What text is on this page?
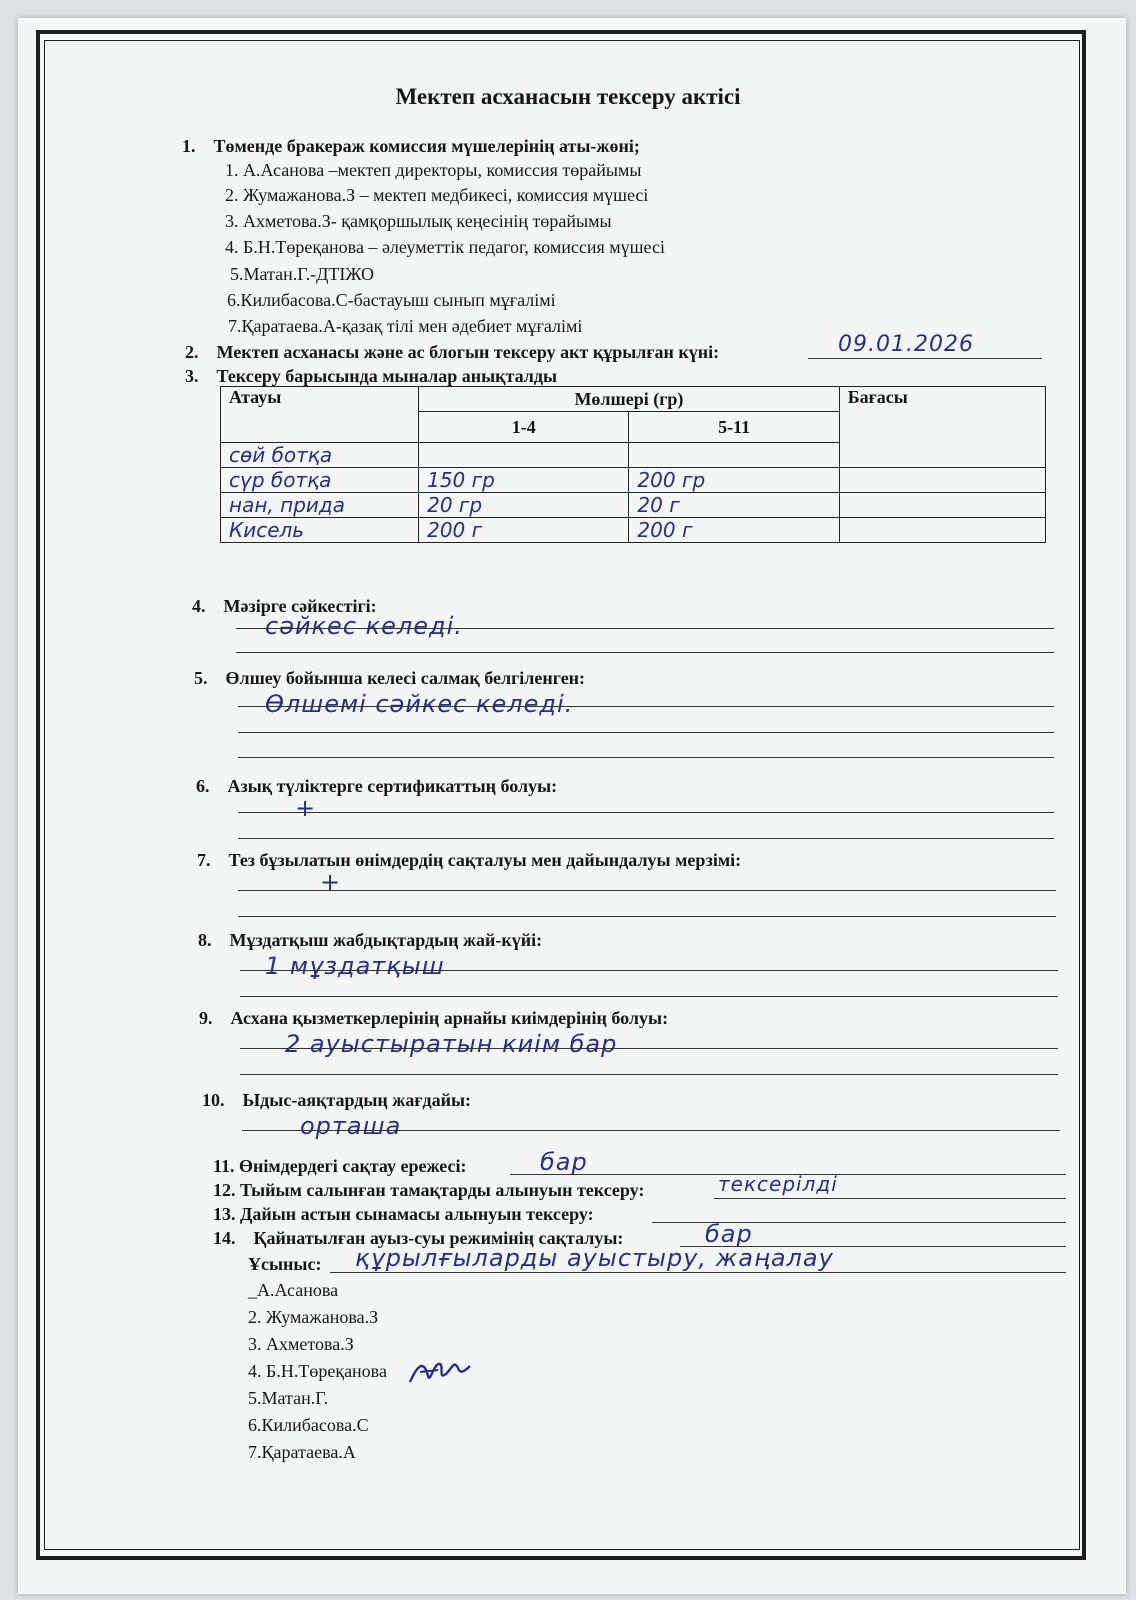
Мектеп асханасын тексеру актісі
1. Төменде бракераж комиссия мүшелерінің аты-жөні;
1. А.Асанова –мектеп директоры, комиссия төрайымы
2. Жумажанова.З – мектеп медбикесі, комиссия мүшесі
3. Ахметова.З- қамқоршылық кеңесінің төрайымы
4. Б.Н.Төреқанова – әлеуметтік педагог, комиссия мүшесі
5.Матан.Г.-ДТІЖО
6.Килибасова.С-бастауыш сынып мұғалімі
7.Қаратаева.А-қазақ тілі мен әдебиет мұғалімі
2. Мектеп асханасы және ас блогын тексеру акт құрылған күні:	09.01.2026
3. Тексеру барысында мыналар анықталды
Атауы	Мөлшері (гр)		Бағасы
	1-4	5-11	
сөй ботқа			
сүр ботқа	150 гр	200 гр	
нан, прида	20 гр	20 г	
Кисель	200 г	200 г	
4. Мәзірге сәйкестігі:
сәйкес келеді.
5. Өлшеу бойынша келесі салмақ белгіленген:
Өлшемі сәйкес келеді.
6. Азық түліктерге сертификаттың болуы:
+
7. Тез бұзылатын өнімдердің сақталуы мен дайындалуы мерзімі:
+
8. Мұздатқыш жабдықтардың жай-күйі:
1 мұздатқыш
9. Асхана қызметкерлерінің арнайы киімдерінің болуы:
2 ауыстыратын киім бар
10. Ыдыс-аяқтардың жағдайы:
орташа
11. Өнімдердегі сақтау ережесі:	бар
12. Тыйым салынған тамақтарды алынуын тексеру:	тексерілді
13. Дайын астын сынамасы алынуын тексеру:
14. Қайнатылған ауыз-суы режимінің сақталуы:	бар
Ұсыныс: құрылғыларды ауыстыру, жаңалау
_А.Асанова
2. Жумажанова.З
3. Ахметова.З
4. Б.Н.Төреқанова
5.Матан.Г.
6.Килибасова.С
7.Қаратаева.А
